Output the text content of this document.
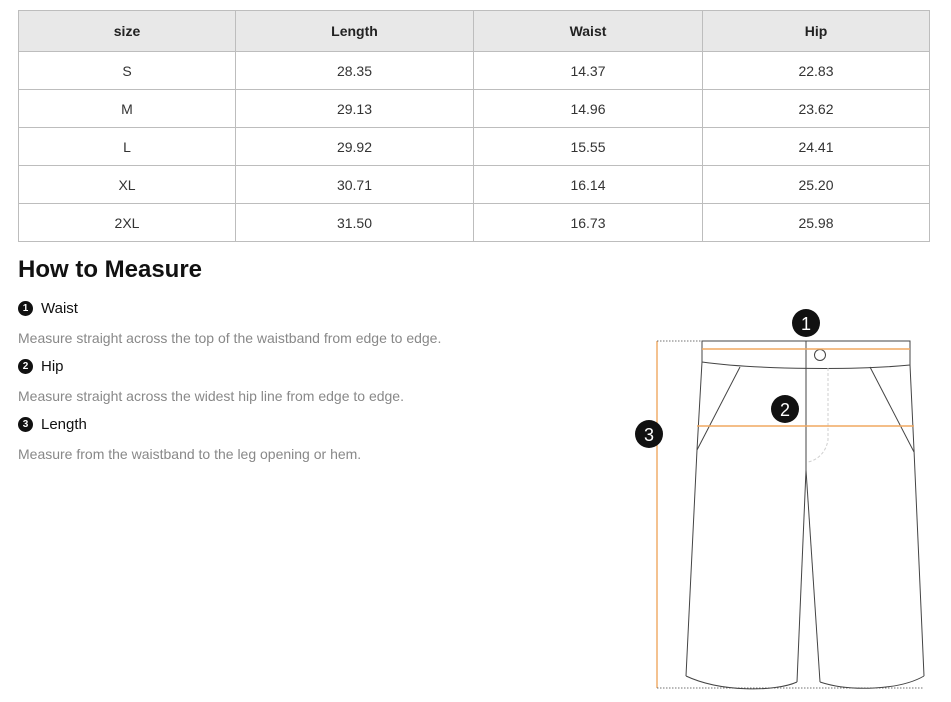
size	Length	Waist	Hip
S	28.35	14.37	22.83
M	29.13	14.96	23.62
L	29.92	15.55	24.41
XL	30.71	16.14	25.20
2XL	31.50	16.73	25.98
How to Measure
1 Waist
Measure straight across the top of the waistband from edge to edge.
2 Hip
Measure straight across the widest hip line from edge to edge.
3 Length
Measure from the waistband to the leg opening or hem.
1
2
3
